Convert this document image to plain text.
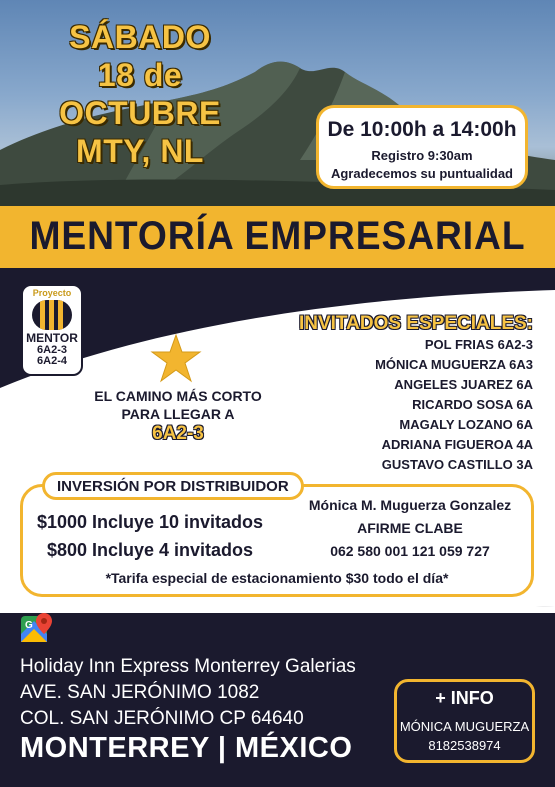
SÁBADO
18 de OCTUBRE
MTY, NL
De 10:00h a 14:00h
Registro 9:30am
Agradecemos su puntualidad
MENTORÍA EMPRESARIAL
Proyecto
MENTOR
6A2-3
6A2-4
EL CAMINO MÁS CORTO
PARA LLEGAR A
6A2-3
INVITADOS ESPECIALES:
POL FRIAS 6A2-3
MÓNICA MUGUERZA 6A3
ANGELES JUAREZ 6A
RICARDO SOSA 6A
MAGALY LOZANO 6A
ADRIANA FIGUEROA 4A
GUSTAVO CASTILLO 3A
INVERSIÓN POR DISTRIBUIDOR
$1000 Incluye 10 invitados
$800 Incluye 4 invitados
Mónica M. Muguerza Gonzalez
AFIRME CLABE
062 580 001 121 059 727
*Tarifa especial de estacionamiento $30 todo el día*
G
Holiday Inn Express Monterrey Galerias
AVE. SAN JERÓNIMO 1082
COL. SAN JERÓNIMO CP 64640
MONTERREY | MÉXICO
+ INFO
MÓNICA MUGUERZA
8182538974
